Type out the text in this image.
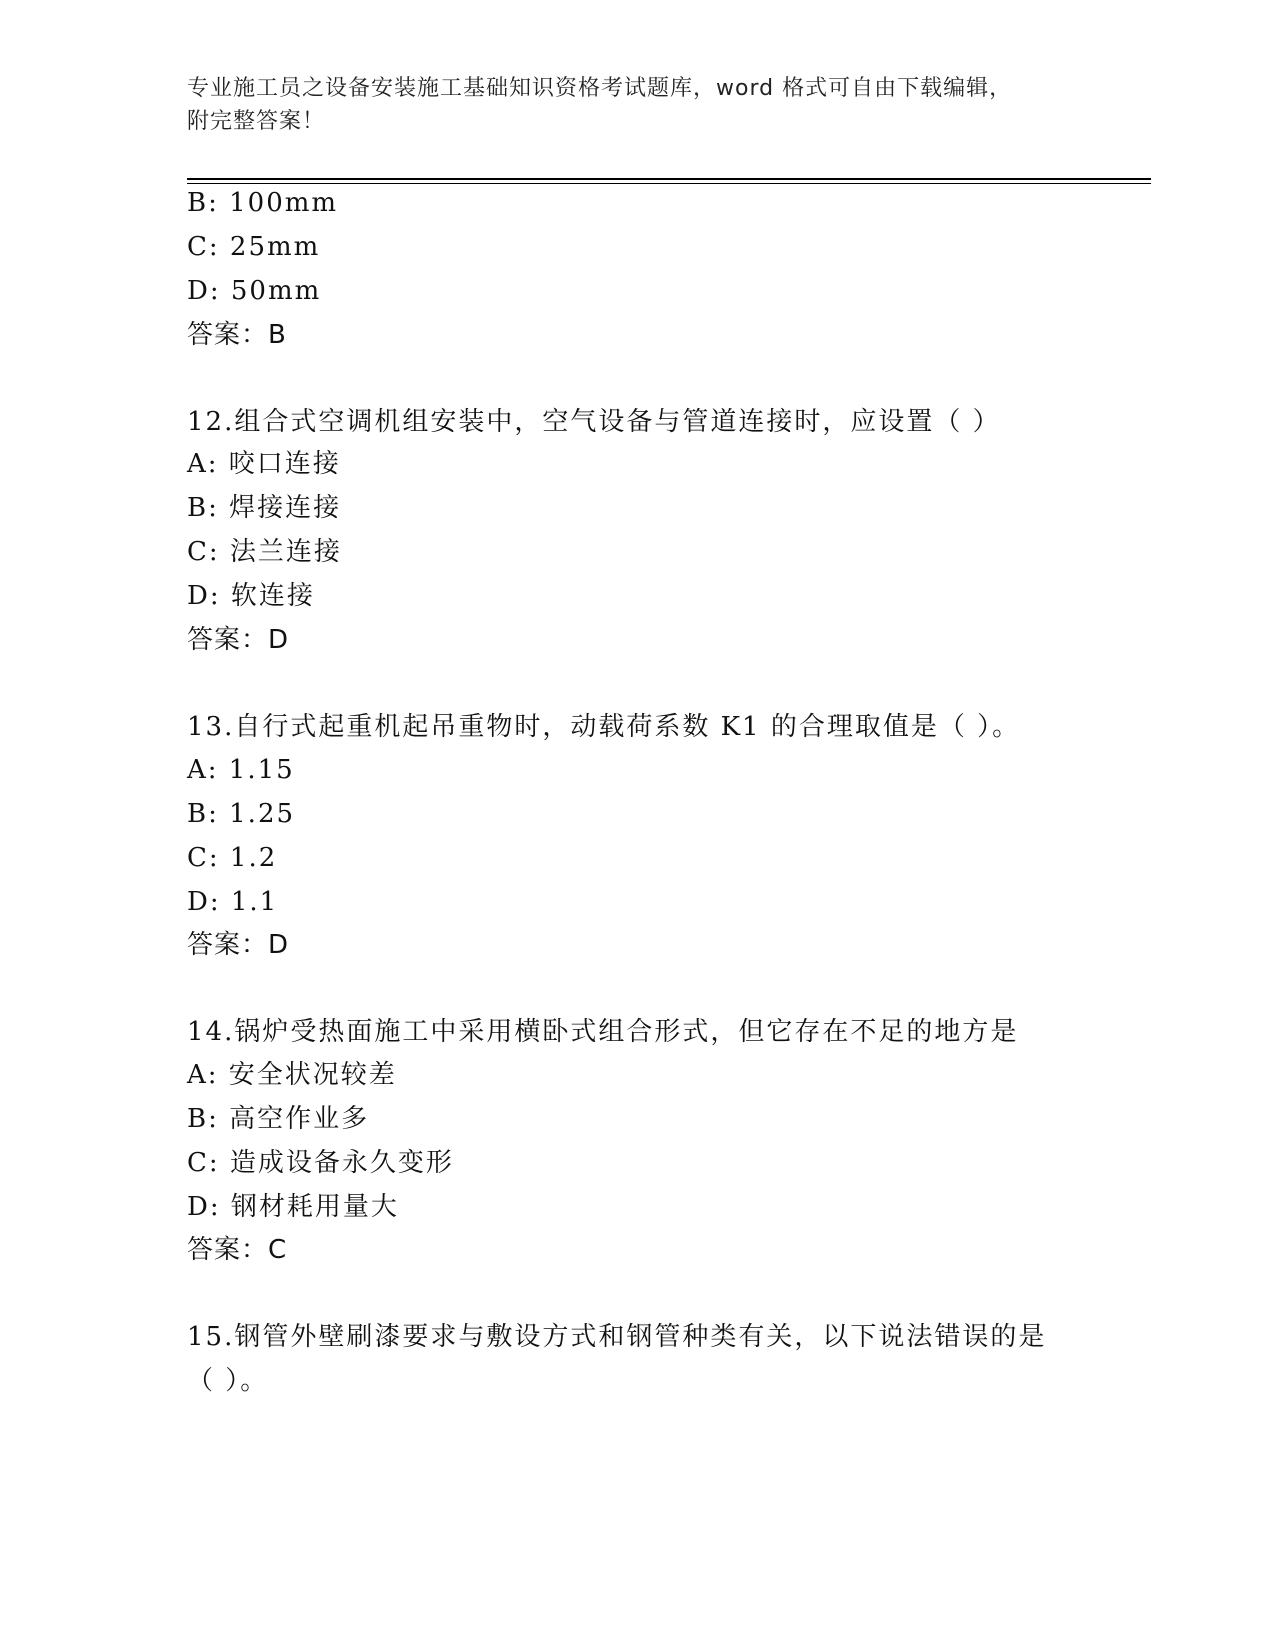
专业施工员之设备安装施工基础知识资格考试题库，word 格式可自由下载编辑，
附完整答案！
B: 100mm
C: 25mm
D: 50mm
答案：B
12.组合式空调机组安装中，空气设备与管道连接时，应设置（ ）
A: 咬口连接
B: 焊接连接
C: 法兰连接
D: 软连接
答案：D
13.自行式起重机起吊重物时，动载荷系数 K1 的合理取值是（ ）。
A: 1.15
B: 1.25
C: 1.2
D: 1.1
答案：D
14.锅炉受热面施工中采用横卧式组合形式，但它存在不足的地方是
A: 安全状况较差
B: 高空作业多
C: 造成设备永久变形
D: 钢材耗用量大
答案：C
15.钢管外壁刷漆要求与敷设方式和钢管种类有关，以下说法错误的是
（ ）。
